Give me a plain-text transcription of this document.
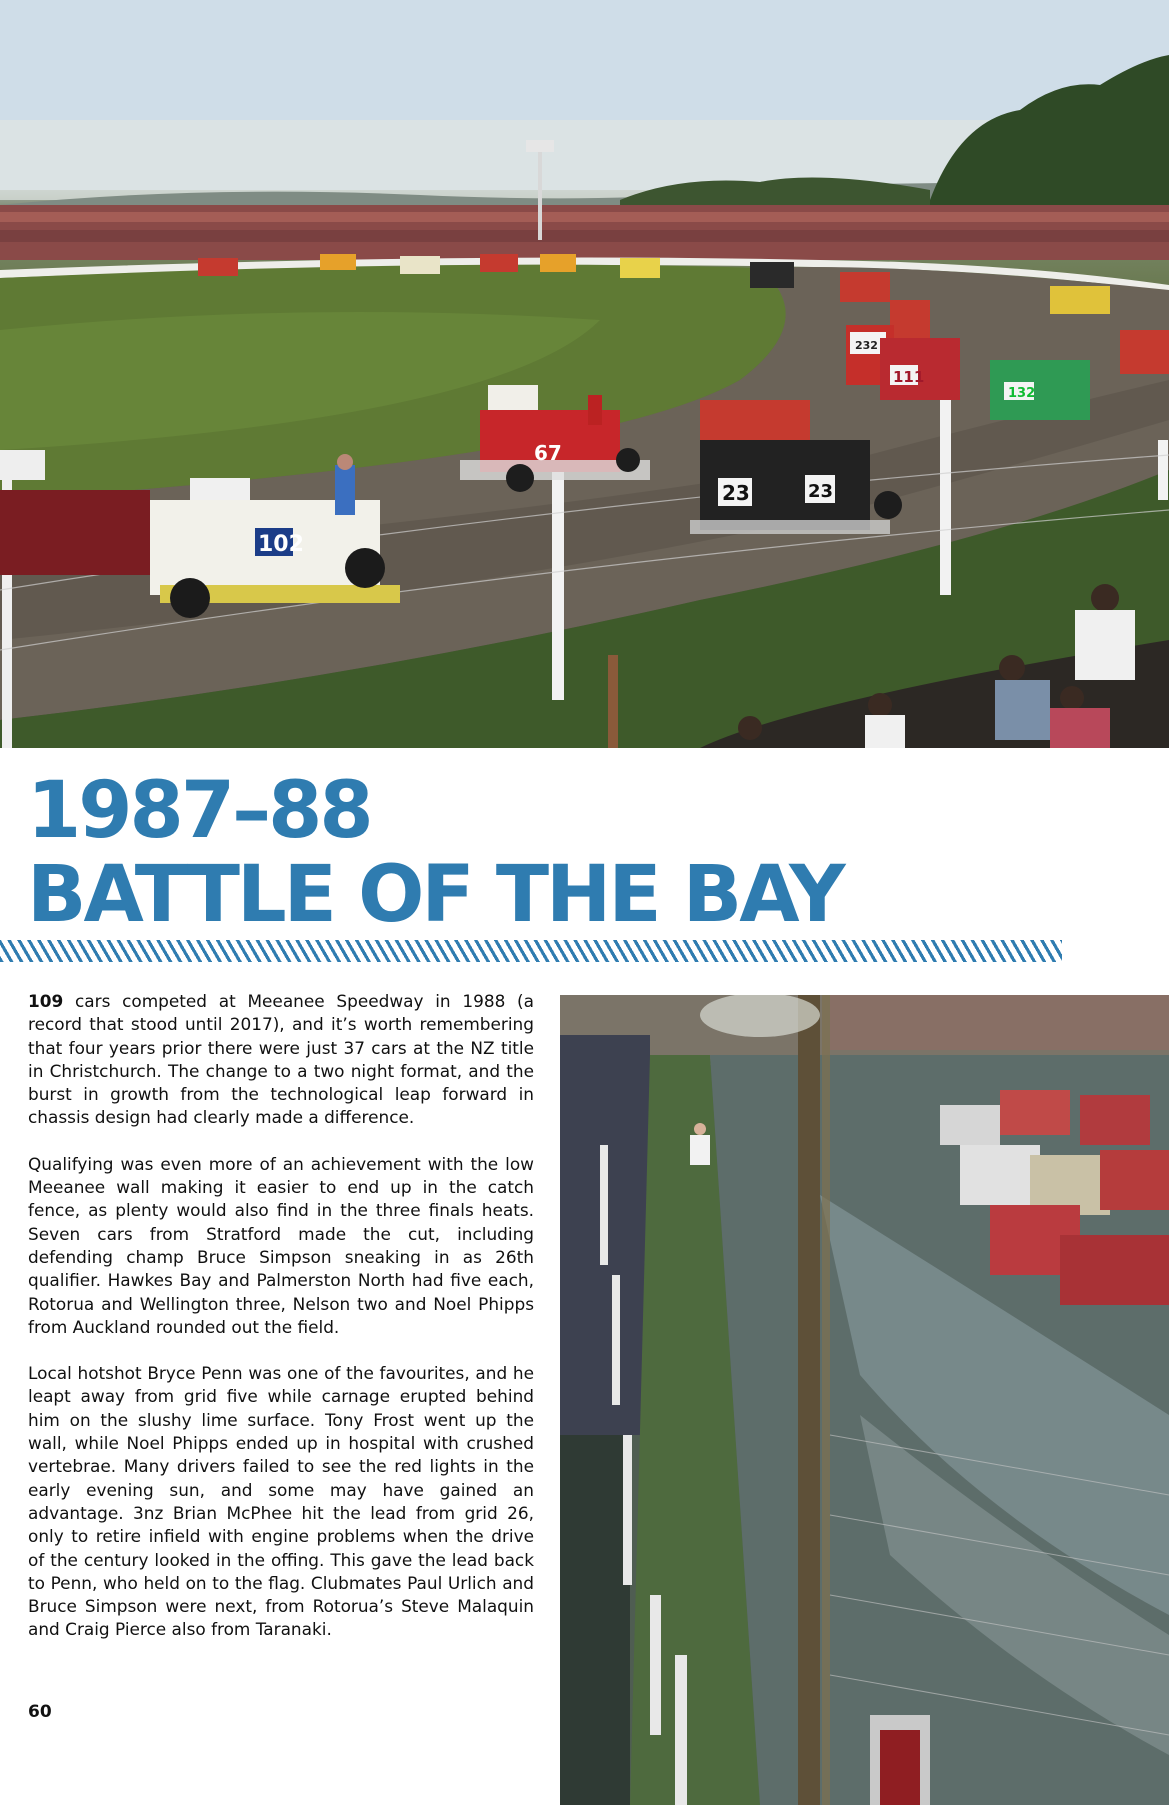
232
111
132
67
23	23
102
1987–88
BATTLE OF THE BAY

109 cars competed at Meeanee Speedway in 1988 (a record that stood until 2017), and it’s worth remembering that four years prior there were just 37 cars at the NZ title in Christchurch. The change to a two night format, and the burst in growth from the technological leap forward in chassis design had clearly made a difference.

Qualifying was even more of an achievement with the low Meeanee wall making it easier to end up in the catch fence, as plenty would also find in the three finals heats. Seven cars from Stratford made the cut, including defending champ Bruce Simpson sneaking in as 26th qualifier. Hawkes Bay and Palmerston North had five each, Rotorua and Wellington three, Nelson two and Noel Phipps from Auckland rounded out the field.

Local hotshot Bryce Penn was one of the favourites, and he leapt away from grid five while carnage erupted behind him on the slushy lime surface. Tony Frost went up the wall, while Noel Phipps ended up in hospital with crushed vertebrae. Many drivers failed to see the red lights in the early evening sun, and some may have gained an advantage. 3nz Brian McPhee hit the lead from grid 26, only to retire infield with engine problems when the drive of the century looked in the offing. This gave the lead back to Penn, who held on to the flag. Clubmates Paul Urlich and Bruce Simpson were next, from Rotorua’s Steve Malaquin and Craig Pierce also from Taranaki.

60
